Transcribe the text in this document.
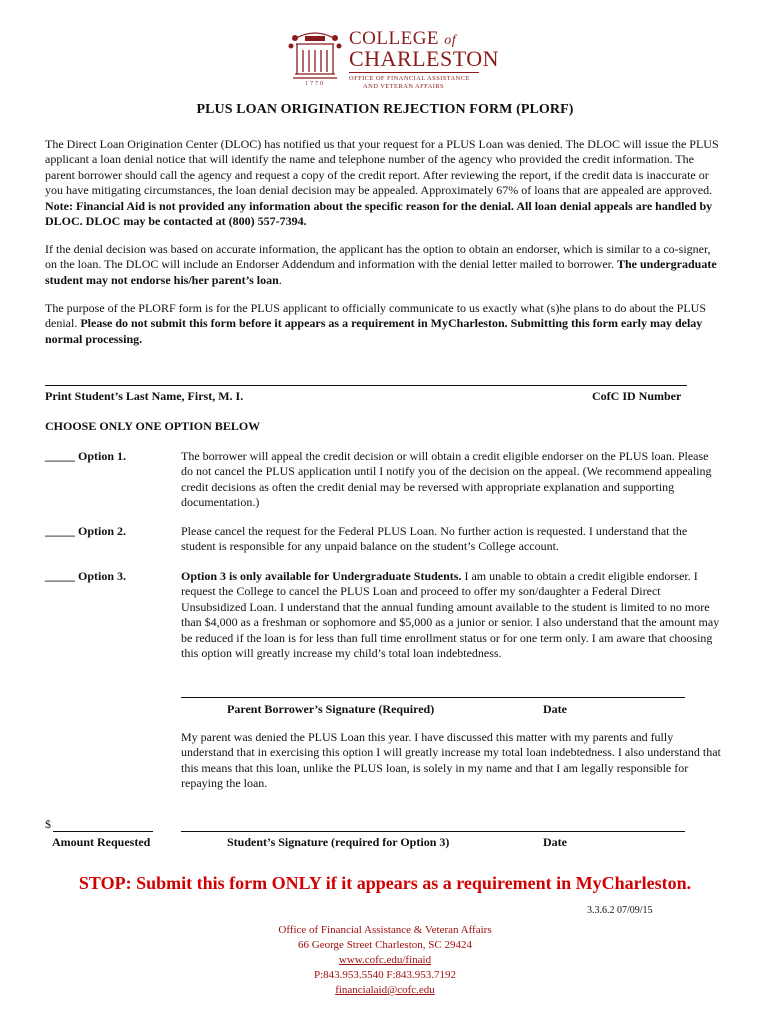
1770
COLLEGE of
CHARLESTON
OFFICE OF FINANCIAL ASSISTANCE
AND VETERAN AFFAIRS
PLUS LOAN ORIGINATION REJECTION FORM (PLORF)
The Direct Loan Origination Center (DLOC) has notified us that your request for a PLUS Loan was denied. The DLOC will issue the PLUS applicant a loan denial notice that will identify the name and telephone number of the agency who provided the credit information. The parent borrower should call the agency and request a copy of the credit report. After reviewing the report, if the credit data is inaccurate or you have mitigating circumstances, the loan denial decision may be appealed. Approximately 67% of loans that are appealed are approved. Note: Financial Aid is not provided any information about the specific reason for the denial. All loan denial appeals are handled by DLOC. DLOC may be contacted at (800) 557-7394.
If the denial decision was based on accurate information, the applicant has the option to obtain an endorser, which is similar to a co-signer, on the loan. The DLOC will include an Endorser Addendum and information with the denial letter mailed to borrower. The undergraduate student may not endorse his/her parent’s loan.
The purpose of the PLORF form is for the PLUS applicant to officially communicate to us exactly what (s)he plans to do about the PLUS denial. Please do not submit this form before it appears as a requirement in MyCharleston. Submitting this form early may delay normal processing.
Print Student’s Last Name, First, M. I.	CofC ID Number
CHOOSE ONLY ONE OPTION BELOW
_____ Option 1.	The borrower will appeal the credit decision or will obtain a credit eligible endorser on the PLUS loan. Please do not cancel the PLUS application until I notify you of the decision on the appeal. (We recommend appealing credit decisions as often the credit denial may be reversed with appropriate explanation and supporting documentation.)
_____ Option 2.	Please cancel the request for the Federal PLUS Loan. No further action is requested. I understand that the student is responsible for any unpaid balance on the student’s College account.
_____ Option 3.	Option 3 is only available for Undergraduate Students. I am unable to obtain a credit eligible endorser. I request the College to cancel the PLUS Loan and proceed to offer my son/daughter a Federal Direct Unsubsidized Loan. I understand that the annual funding amount available to the student is limited to no more than $4,000 as a freshman or sophomore and $5,000 as a junior or senior. I also understand that the amount may be reduced if the loan is for less than full time enrollment status or for one term only. I am aware that choosing this option will greatly increase my child’s total loan indebtedness.
Parent Borrower’s Signature (Required)	Date
My parent was denied the PLUS Loan this year. I have discussed this matter with my parents and fully understand that in exercising this option I will greatly increase my total loan indebtedness. I also understand that this means that this loan, unlike the PLUS loan, is solely in my name and that I am legally responsible for repaying the loan.
$
Amount Requested	Student’s Signature (required for Option 3)	Date
STOP: Submit this form ONLY if it appears as a requirement in MyCharleston.
3.3.6.2 07/09/15
Office of Financial Assistance & Veteran Affairs
66 George Street Charleston, SC 29424
www.cofc.edu/finaid
P:843.953.5540 F:843.953.7192
financialaid@cofc.edu
